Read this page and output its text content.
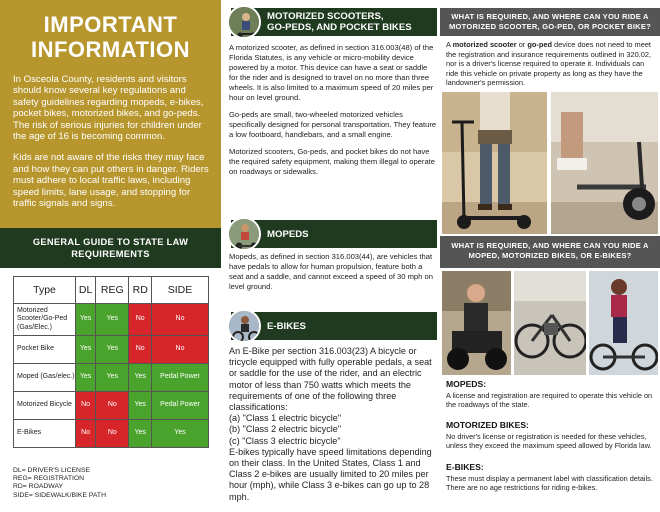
IMPORTANT
INFORMATION

In Osceola County, residents and visitors should know several key regulations and safety guidelines regarding mopeds, e-bikes, pocket bikes, motorized bikes, and go-peds. The risk of serious injuries for children under the age of 16 is becoming common.

Kids are not aware of the risks they may face and how they can put others in danger. Riders must adhere to local traffic laws, including speed limits, lane usage, and stopping for traffic signals and signs.

GENERAL GUIDE TO STATE LAW REQUIREMENTS
Type	DL	REG	RD	SIDE
Motorized Scooter/Go-Ped (Gas/Elec.)	Yes	Yes	No	No
Pocket Bike	Yes	Yes	No	No
Moped (Gas/elec.)	Yes	Yes	Yes	Pedal Power
Motorized Bicycle	No	No	Yes	Pedal Power
E-Bikes	No	No	Yes	Yes
DL= DRIVER'S LICENSE
REG= REGISTRATION
RD= ROADWAY
SIDE= SIDEWALK/BIKE PATH
MOTORIZED SCOOTERS,
GO-PEDS, AND POCKET BIKES

A motorized scooter, as defined in section 316.003(48) of the Florida Statutes, is any vehicle or micro-mobility device powered by a motor. This device can have a seat or saddle for the rider and is designed to travel on no more than three wheels. It is also limited to a maximum speed of 20 miles per hour on level ground.

Go-peds are small, two-wheeled motorized vehicles specifically designed for personal transportation. They feature a low footboard, handlebars, and a small engine.

Motorized scooters, Go-peds, and pocket bikes do not have the required safety equipment, making them illegal to operate on roadways or sidewalks.

MOPEDS

Mopeds, as defined in section 316.003(44), are vehicles that have pedals to allow for human propulsion, feature both a seat and a saddle, and cannot exceed a speed of 30 mph on level ground.

E-BIKES
An E-Bike per section 316.003(23) A bicycle or tricycle equipped with fully operable pedals, a seat or saddle for the use of the rider, and an electric motor of less than 750 watts which meets the requirements of one of the following three classifications:
(a) "Class 1 electric bicycle"
(b) "Class 2 electric bicycle"
(c) "Class 3 electric bicycle"
E-bikes typically have speed limitations depending on their class. In the United States, Class 1 and Class 2 e-bikes are usually limited to 20 miles per hour (mph), while Class 3 e-bikes can go up to 28 mph.
WHAT IS REQUIRED, AND WHERE CAN YOU RIDE A MOTORIZED SCOOTER, GO-PED, OR POCKET BIKE?
A motorized scooter or go-ped device does not need to meet the registration and insurance requirements outlined in 320.02, nor is a driver's license required to operate it. Individuals can ride this vehicle on private property as long as they have the landowner's permission.
WHAT IS REQUIRED, AND WHERE CAN YOU RIDE A MOPED, MOTORIZED BIKES, OR E-BIKES?
MOPEDS:
A license and registration are required to operate this vehicle on the roadways of the state.
MOTORIZED BIKES:
No driver's license or registration is needed for these vehicles, unless they exceed the maximum speed allowed by Florida law.
E-BIKES:
These must display a permanent label with classification details. There are no age restrictions for riding e-bikes.
